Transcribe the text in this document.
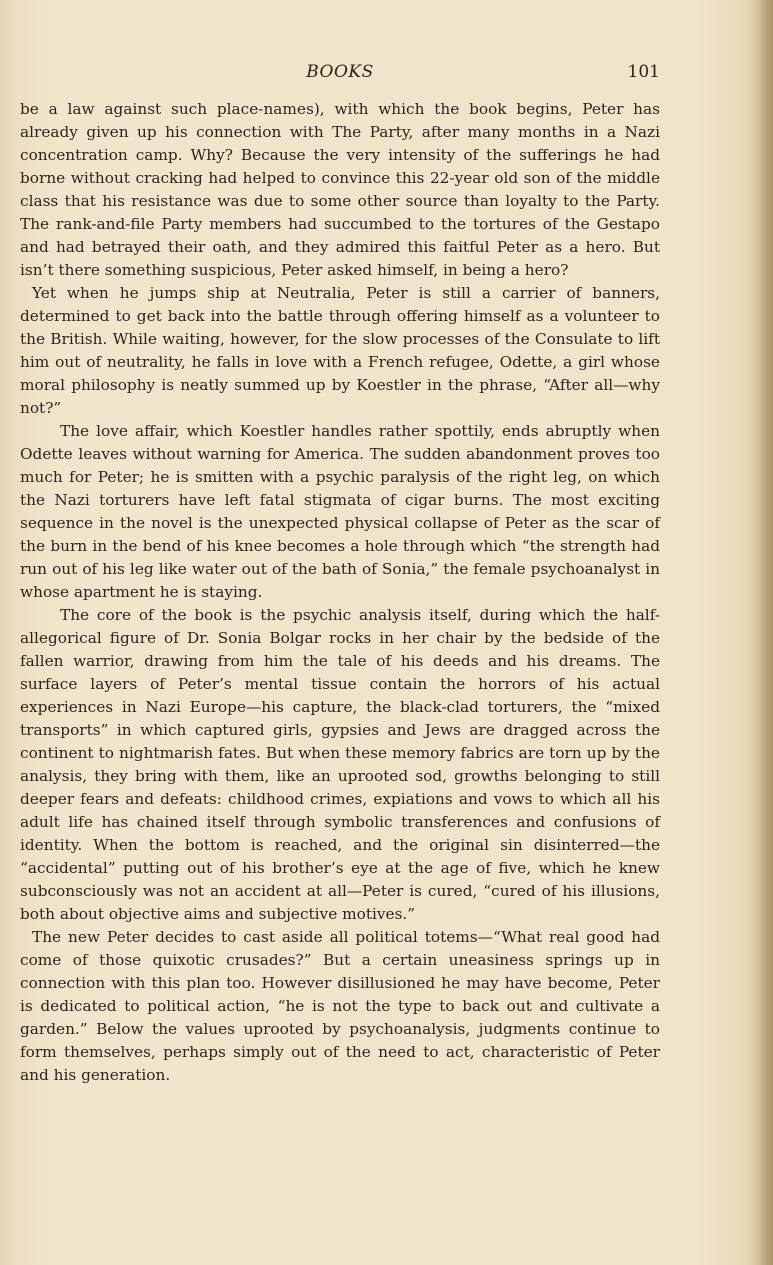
BOOKS	101

be a law against such place-names), with which the book begins, Peter has already given up his connection with The Party, after many months in a Nazi concentration camp. Why? Because the very intensity of the sufferings he had borne without cracking had helped to convince this 22-year old son of the middle class that his resistance was due to some other source than loyalty to the Party. The rank-and-file Party members had succumbed to the tortures of the Gestapo and had betrayed their oath, and they admired this faitful Peter as a hero. But isn’t there something suspicious, Peter asked himself, in being a hero?

Yet when he jumps ship at Neutralia, Peter is still a carrier of banners, determined to get back into the battle through offering himself as a volunteer to the British. While waiting, however, for the slow processes of the Consulate to lift him out of neutrality, he falls in love with a French refugee, Odette, a girl whose moral philosophy is neatly summed up by Koestler in the phrase, “After all—why not?”

The love affair, which Koestler handles rather spottily, ends abruptly when Odette leaves without warning for America. The sudden abandonment proves too much for Peter; he is smitten with a psychic paralysis of the right leg, on which the Nazi torturers have left fatal stigmata of cigar burns. The most exciting sequence in the novel is the unexpected physical collapse of Peter as the scar of the burn in the bend of his knee becomes a hole through which “the strength had run out of his leg like water out of the bath of Sonia,” the female psychoanalyst in whose apartment he is staying.

The core of the book is the psychic analysis itself, during which the half-allegorical figure of Dr. Sonia Bolgar rocks in her chair by the bedside of the fallen warrior, drawing from him the tale of his deeds and his dreams. The surface layers of Peter’s mental tissue contain the horrors of his actual experiences in Nazi Europe—his capture, the black-clad torturers, the “mixed transports” in which captured girls, gypsies and Jews are dragged across the continent to nightmarish fates. But when these memory fabrics are torn up by the analysis, they bring with them, like an uprooted sod, growths belonging to still deeper fears and defeats: childhood crimes, expiations and vows to which all his adult life has chained itself through symbolic transferences and confusions of identity. When the bottom is reached, and the original sin disinterred—the “accidental” putting out of his brother’s eye at the age of five, which he knew subconsciously was not an accident at all—Peter is cured, “cured of his illusions, both about objective aims and subjective motives.”

The new Peter decides to cast aside all political totems—“What real good had come of those quixotic crusades?” But a certain uneasiness springs up in connection with this plan too. However disillusioned he may have become, Peter is dedicated to political action, “he is not the type to back out and cultivate a garden.” Below the values uprooted by psychoanalysis, judgments continue to form themselves, perhaps simply out of the need to act, characteristic of Peter and his generation.
